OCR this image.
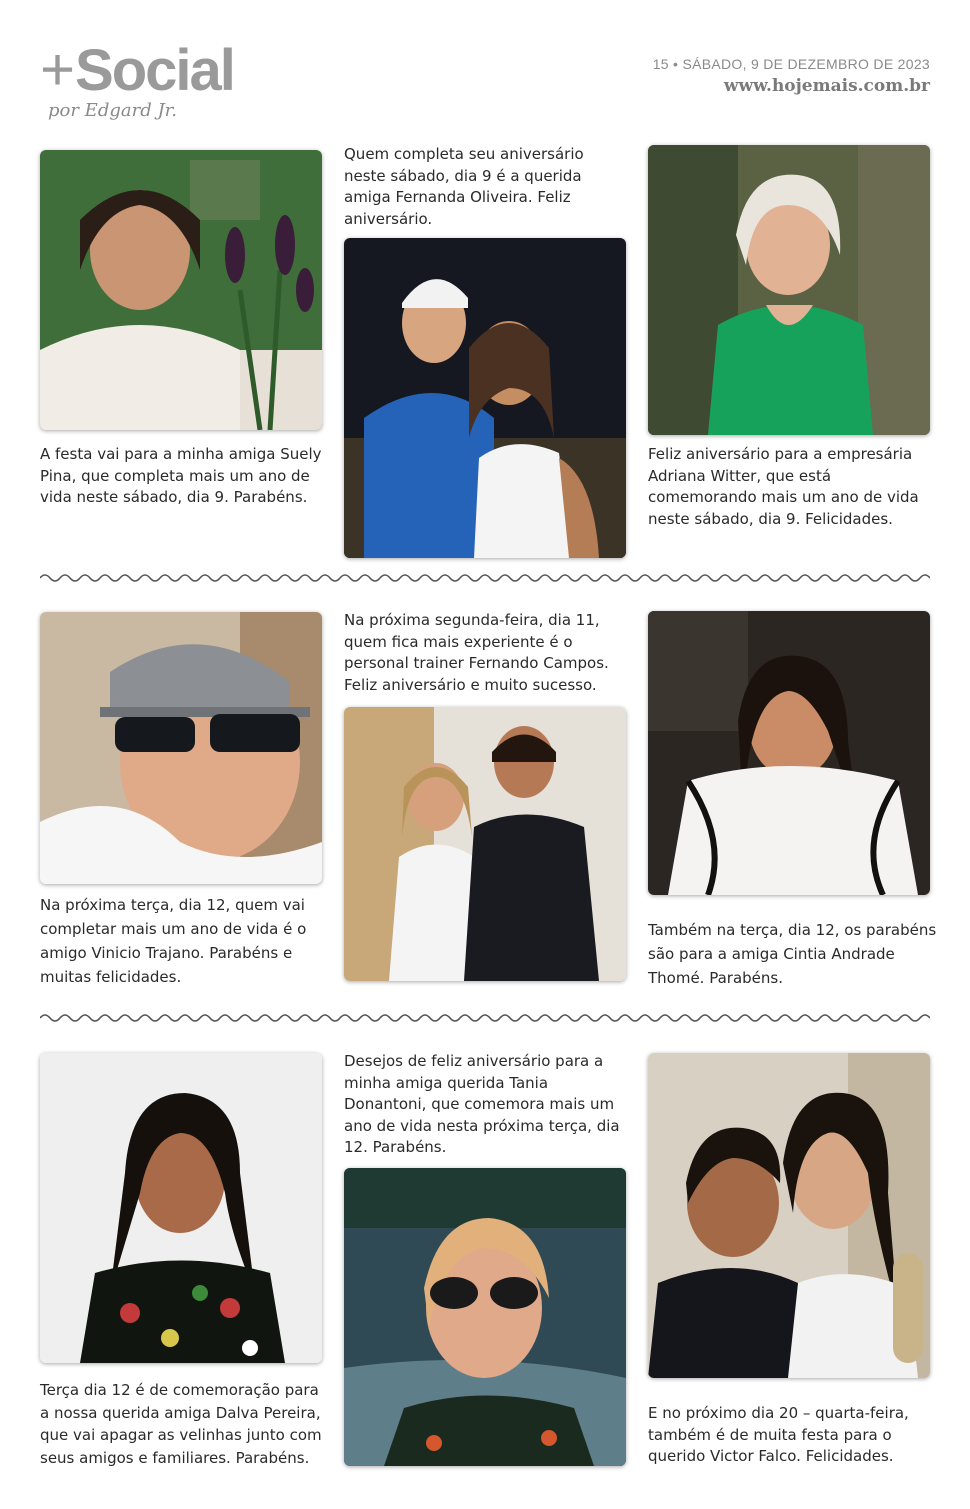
+Social
por Edgard Jr.
15 • SÁBADO, 9 DE DEZEMBRO DE 2023
www.hojemais.com.br

A festa vai para a minha amiga Suely Pina, que completa mais um ano de vida neste sábado, dia 9. Parabéns.

Quem completa seu aniversário neste sábado, dia 9 é a querida amiga Fernanda Oliveira. Feliz aniversário.

Feliz aniversário para a empresária Adriana Witter, que está comemorando mais um ano de vida neste sábado, dia 9. Felicidades.

Na próxima terça, dia 12, quem vai completar mais um ano de vida é o amigo Vinicio Trajano. Parabéns e muitas felicidades.

Na próxima segunda-feira, dia 11, quem fica mais experiente é o personal trainer Fernando Campos. Feliz aniversário e muito sucesso.

Também na terça, dia 12, os parabéns são para a amiga Cintia Andrade Thomé. Parabéns.

Terça dia 12 é de comemoração para a nossa querida amiga Dalva Pereira, que vai apagar as velinhas junto com seus amigos e familiares. Parabéns.

Desejos de feliz aniversário para a minha amiga querida Tania Donantoni, que comemora mais um ano de vida nesta próxima terça, dia 12. Parabéns.

E no próximo dia 20 – quarta-feira, também é de muita festa para o querido Victor Falco. Felicidades.
